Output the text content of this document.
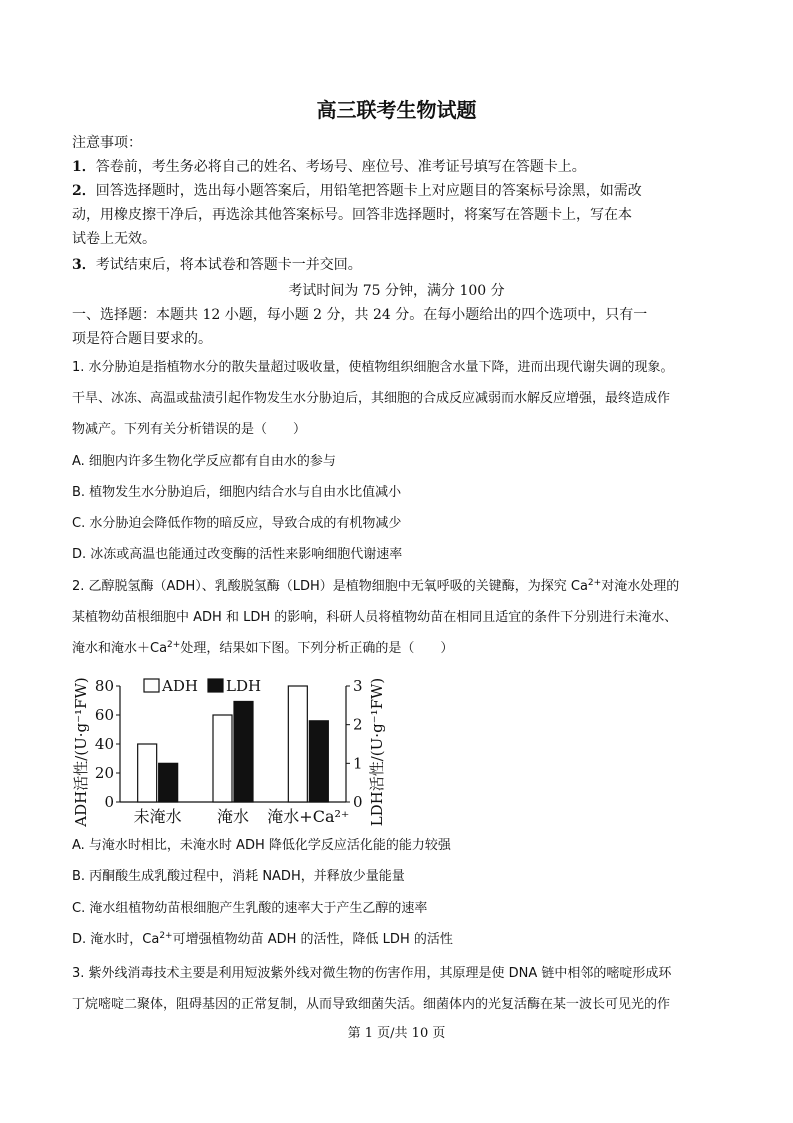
高三联考生物试题
注意事项：
1．答卷前，考生务必将自己的姓名、考场号、座位号、准考证号填写在答题卡上。
2．回答选择题时，选出每小题答案后，用铅笔把答题卡上对应题目的答案标号涂黑，如需改
动，用橡皮擦干净后，再选涂其他答案标号。回答非选择题时，将案写在答题卡上，写在本
试卷上无效。
3．考试结束后，将本试卷和答题卡一并交回。
考试时间为 75 分钟，满分 100 分
一、选择题：本题共 12 小题，每小题 2 分，共 24 分。在每小题给出的四个选项中，只有一
项是符合题目要求的。
1. 水分胁迫是指植物水分的散失量超过吸收量，使植物组织细胞含水量下降，进而出现代谢失调的现象。
干旱、冰冻、高温或盐渍引起作物发生水分胁迫后，其细胞的合成反应减弱而水解反应增强，最终造成作
物减产。下列有关分析错误的是（　　）
A. 细胞内许多生物化学反应都有自由水的参与
B. 植物发生水分胁迫后，细胞内结合水与自由水比值减小
C. 水分胁迫会降低作物的暗反应，导致合成的有机物减少
D. 冰冻或高温也能通过改变酶的活性来影响细胞代谢速率
2. 乙醇脱氢酶（ADH）、乳酸脱氢酶（LDH）是植物细胞中无氧呼吸的关键酶，为探究 $Ca^{2+}$对淹水处理的
某植物幼苗根细胞中 ADH 和 LDH 的影响，科研人员将植物幼苗在相同且适宜的条件下分别进行未淹水、
淹水和淹水$+Ca^{2+}$处理，结果如下图。下列分析正确的是（　　）
0
20
40
60
80
0
1
2
3
ADH活性/(U·g⁻¹FW)	LDH活性/(U·g⁻¹FW)
未淹水 淹水 淹水+Ca²⁺
ADH LDH
A. 与淹水时相比，未淹水时 ADH 降低化学反应活化能的能力较强
B. 丙酮酸生成乳酸过程中，消耗 NADH，并释放少量能量
C. 淹水组植物幼苗根细胞产生乳酸的速率大于产生乙醇的速率
D. 淹水时，$Ca^{2+}$可增强植物幼苗 ADH 的活性，降低 LDH 的活性
3. 紫外线消毒技术主要是利用短波紫外线对微生物的伤害作用，其原理是使 DNA 链中相邻的嘧啶形成环
丁烷嘧啶二聚体，阻碍基因的正常复制，从而导致细菌失活。细菌体内的光复活酶在某一波长可见光的作
第 1 页/共 10 页
